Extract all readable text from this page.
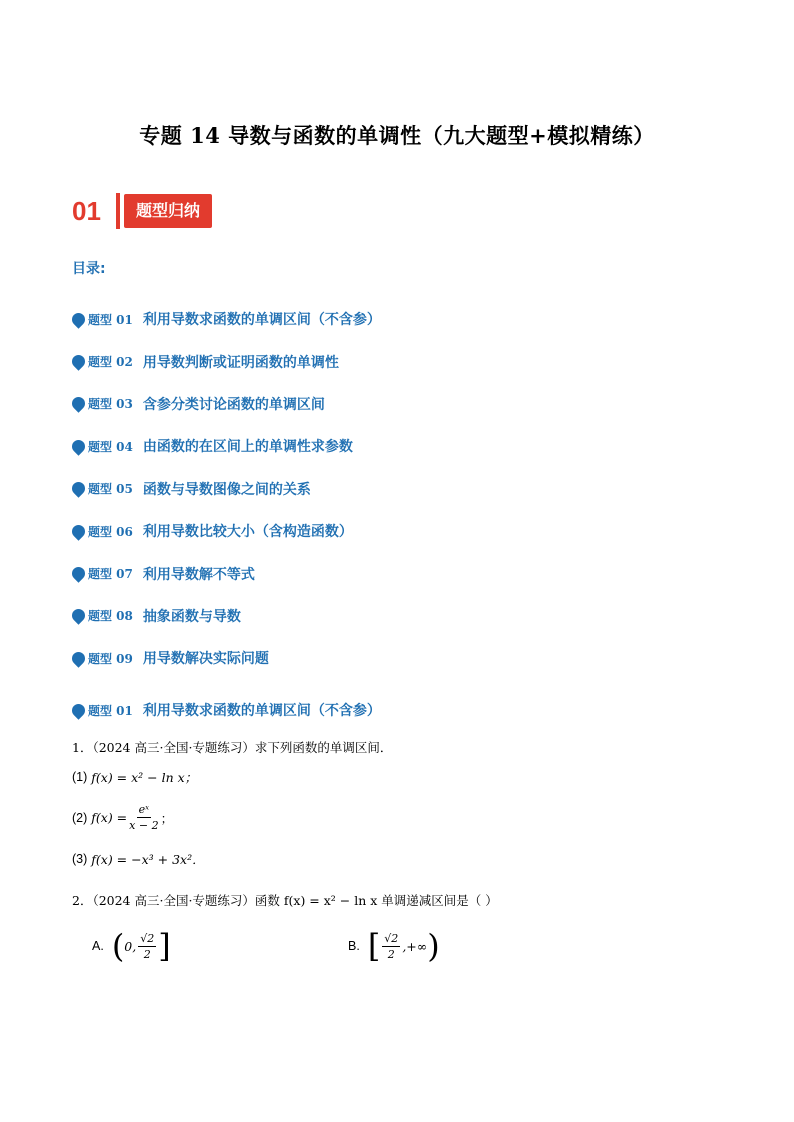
专题 14 导数与函数的单调性（九大题型+模拟精练）
01	题型归纳
目录:
题型 01 利用导数求函数的单调区间（不含参）
题型 02 用导数判断或证明函数的单调性
题型 03 含参分类讨论函数的单调区间
题型 04 由函数的在区间上的单调性求参数
题型 05 函数与导数图像之间的关系
题型 06 利用导数比较大小（含构造函数）
题型 07 利用导数解不等式
题型 08 抽象函数与导数
题型 09 用导数解决实际问题
题型 01 利用导数求函数的单调区间（不含参）
1．（2024 高三·全国·专题练习）求下列函数的单调区间．
(1) f(x) = x² − ln x；
(2) $f(x) = \frac{\text{eˣ}}{x - 2}$ ；
(3) f(x) = −x³ + 3x²．
2．（2024 高三·全国·专题练习）函数 f(x) = x² − ln x 单调递减区间是（ ）
A. ( 0, $\frac{√2}{2}$ ]	B. [ $\frac{√2}{2}$ ,+∞ )
